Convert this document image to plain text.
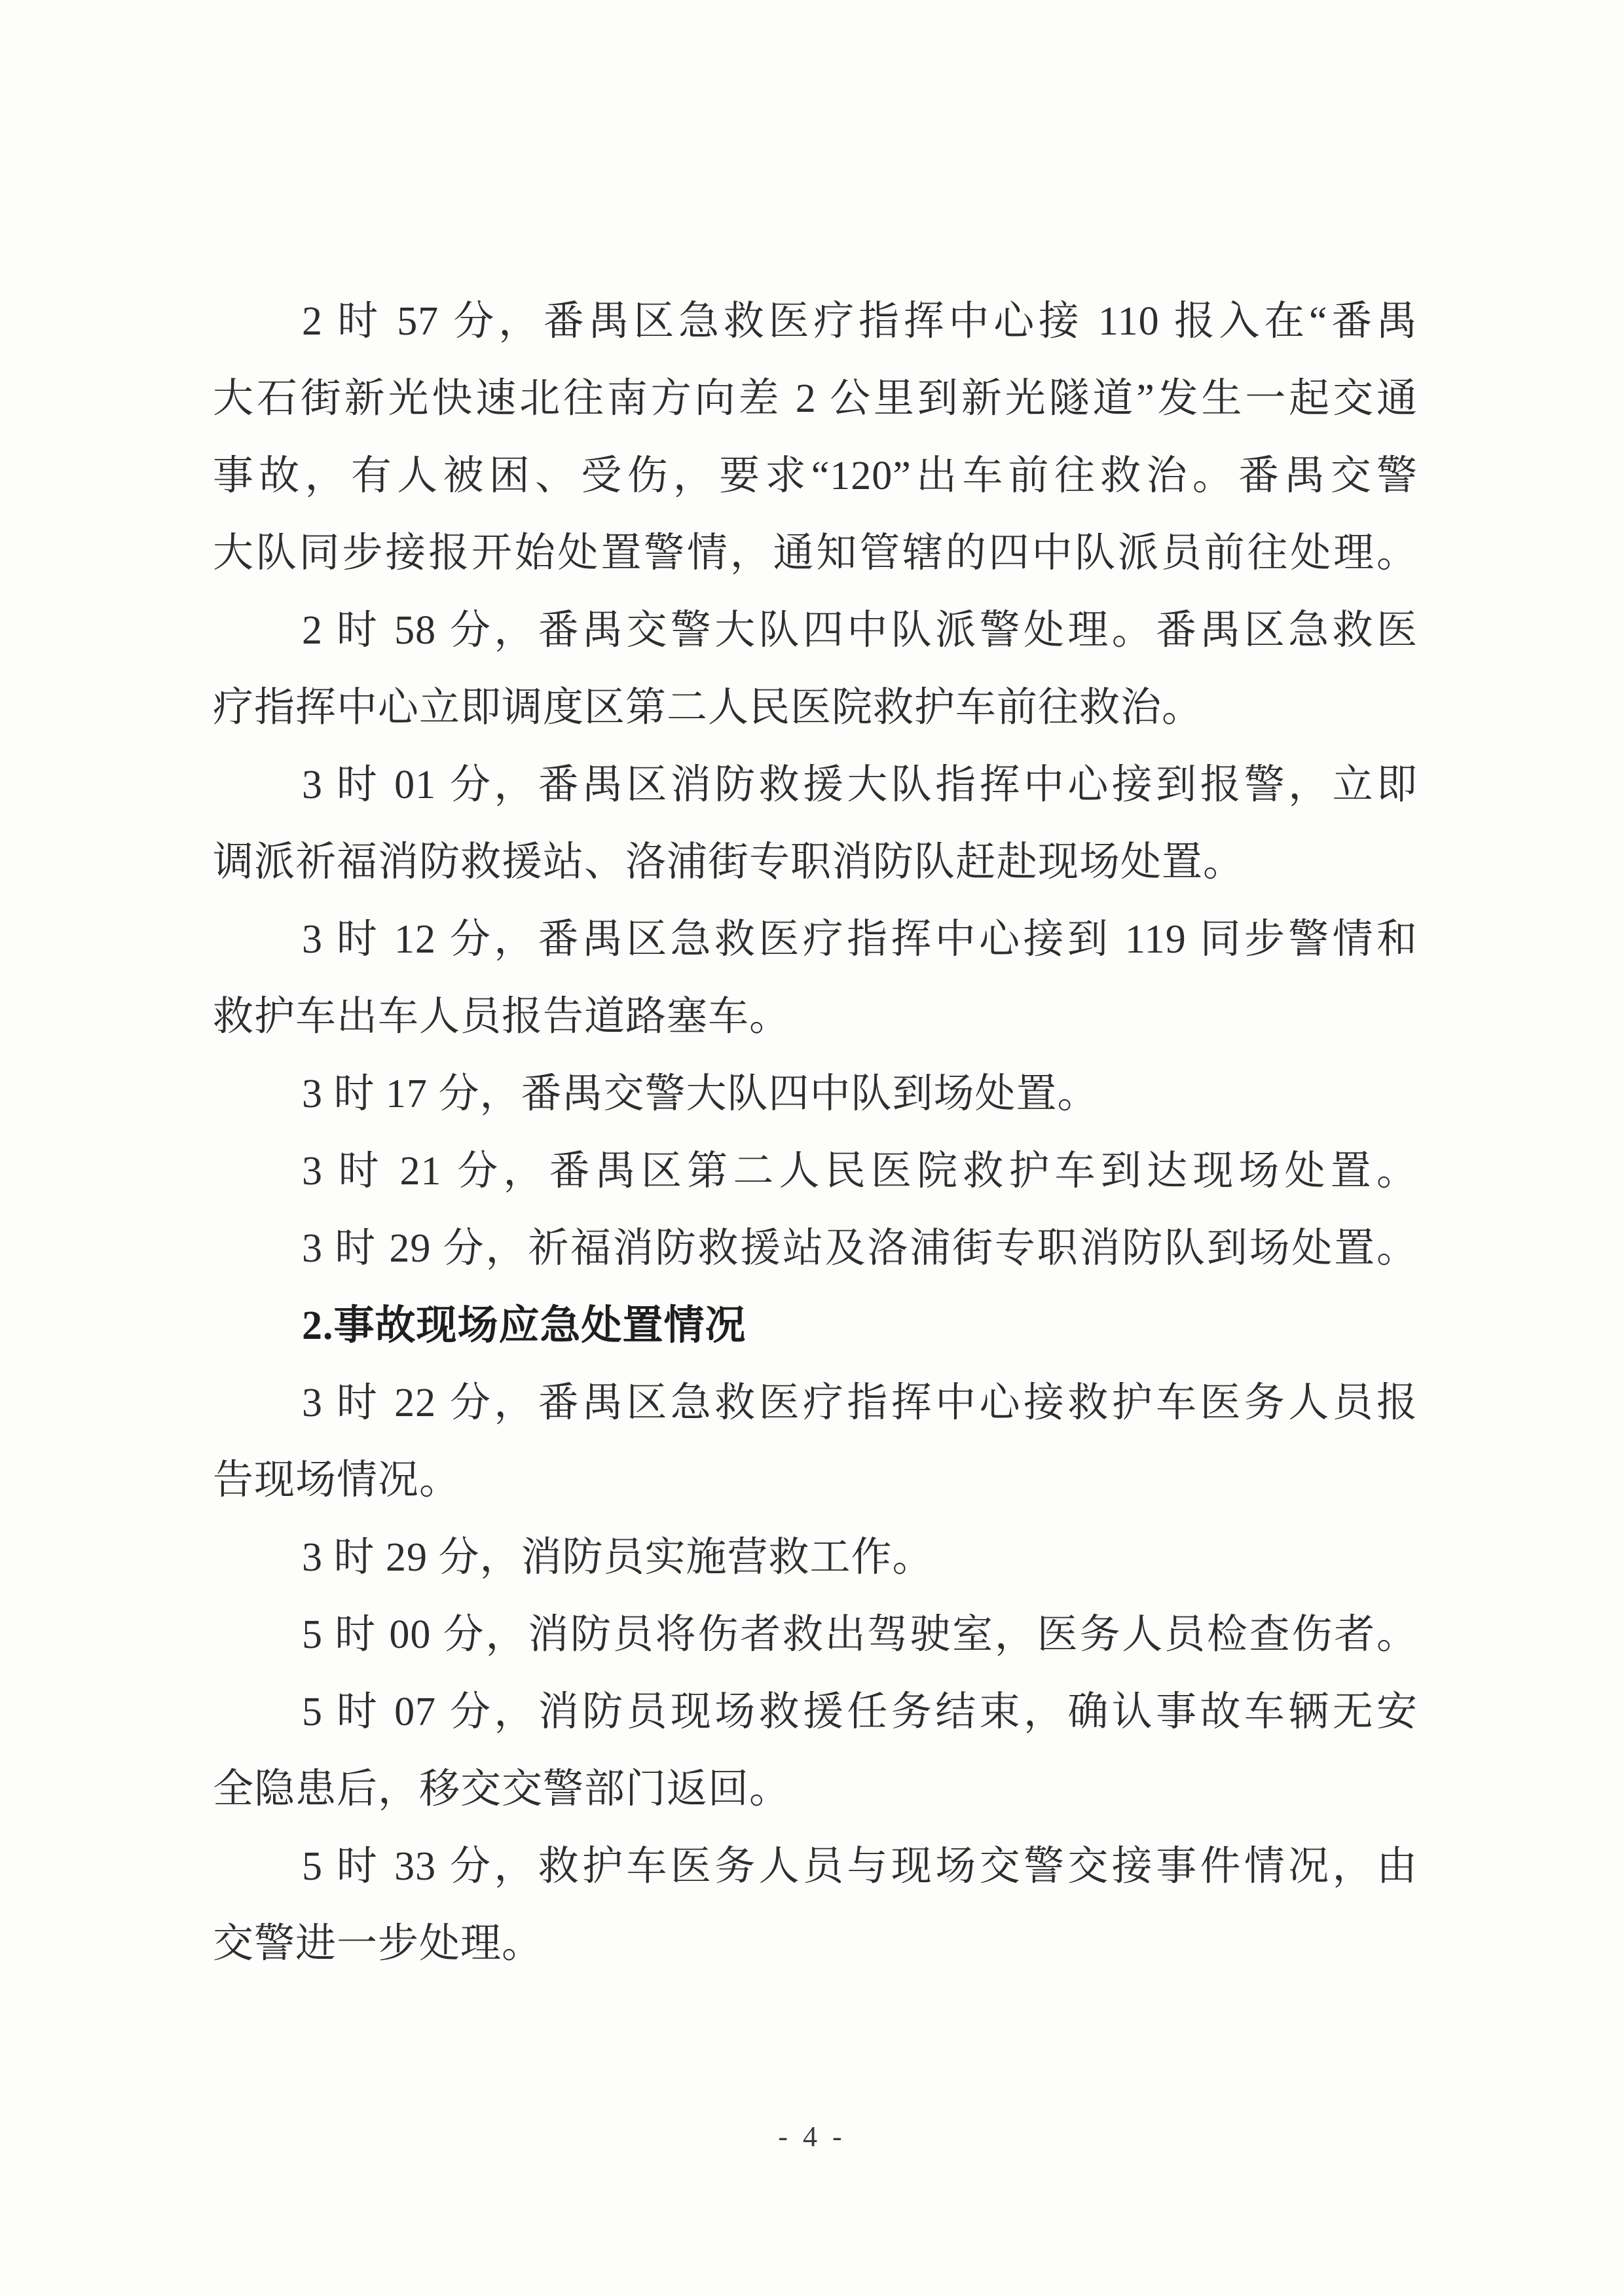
2 时 57 分，番禺区急救医疗指挥中心接 110 报入在“番禺
大石街新光快速北往南方向差 2 公里到新光隧道”发生一起交通
事故，有人被困、受伤，要求“120”出车前往救治。番禺交警
大队同步接报开始处置警情，通知管辖的四中队派员前往处理。
2 时 58 分，番禺交警大队四中队派警处理。番禺区急救医
疗指挥中心立即调度区第二人民医院救护车前往救治。
3 时 01 分，番禺区消防救援大队指挥中心接到报警，立即
调派祈福消防救援站、洛浦街专职消防队赶赴现场处置。
3 时 12 分，番禺区急救医疗指挥中心接到 119 同步警情和
救护车出车人员报告道路塞车。
3 时 17 分，番禺交警大队四中队到场处置。
3 时 21 分，番禺区第二人民医院救护车到达现场处置。
3 时 29 分，祈福消防救援站及洛浦街专职消防队到场处置。
2.事故现场应急处置情况
3 时 22 分，番禺区急救医疗指挥中心接救护车医务人员报
告现场情况。
3 时 29 分，消防员实施营救工作。
5 时 00 分，消防员将伤者救出驾驶室，医务人员检查伤者。
5 时 07 分，消防员现场救援任务结束，确认事故车辆无安
全隐患后，移交交警部门返回。
5 时 33 分，救护车医务人员与现场交警交接事件情况，由
交警进一步处理。
- 4 -
